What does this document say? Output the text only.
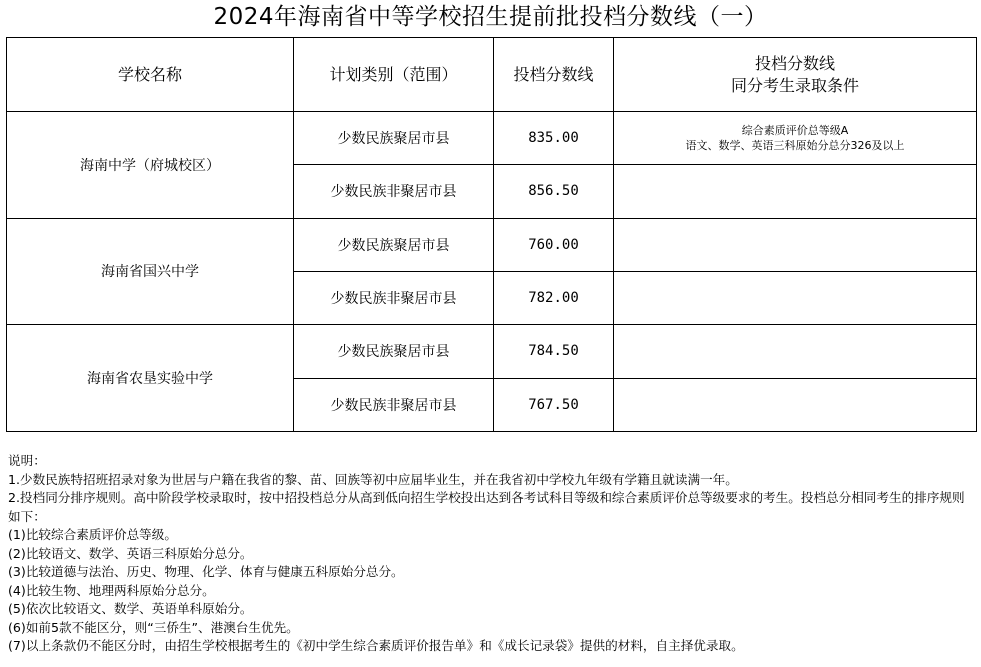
2024年海南省中等学校招生提前批投档分数线（一）
学校名称	计划类别（范围）	投档分数线	投档分数线
同分考生录取条件

海南中学（府城校区）	少数民族聚居市县	835.00	综合素质评价总等级A
语文、数学、英语三科原始分总分326及以上

	少数民族非聚居市县	856.50	
海南省国兴中学	少数民族聚居市县	760.00	
	少数民族非聚居市县	782.00	
海南省农垦实验中学	少数民族聚居市县	784.50	
	少数民族非聚居市县	767.50	
说明：
1.少数民族特招班招录对象为世居与户籍在我省的黎、苗、回族等初中应届毕业生，并在我省初中学校九年级有学籍且就读满一年。
2.投档同分排序规则。高中阶段学校录取时，按中招投档总分从高到低向招生学校投出达到各考试科目等级和综合素质评价总等级要求的考生。投档总分相同考生的排序规则如下：
(1)比较综合素质评价总等级。
(2)比较语文、数学、英语三科原始分总分。
(3)比较道德与法治、历史、物理、化学、体育与健康五科原始分总分。
(4)比较生物、地理两科原始分总分。
(5)依次比较语文、数学、英语单科原始分。
(6)如前5款不能区分，则“三侨生”、港澳台生优先。
(7)以上条款仍不能区分时，由招生学校根据考生的《初中学生综合素质评价报告单》和《成长记录袋》提供的材料，自主择优录取。
